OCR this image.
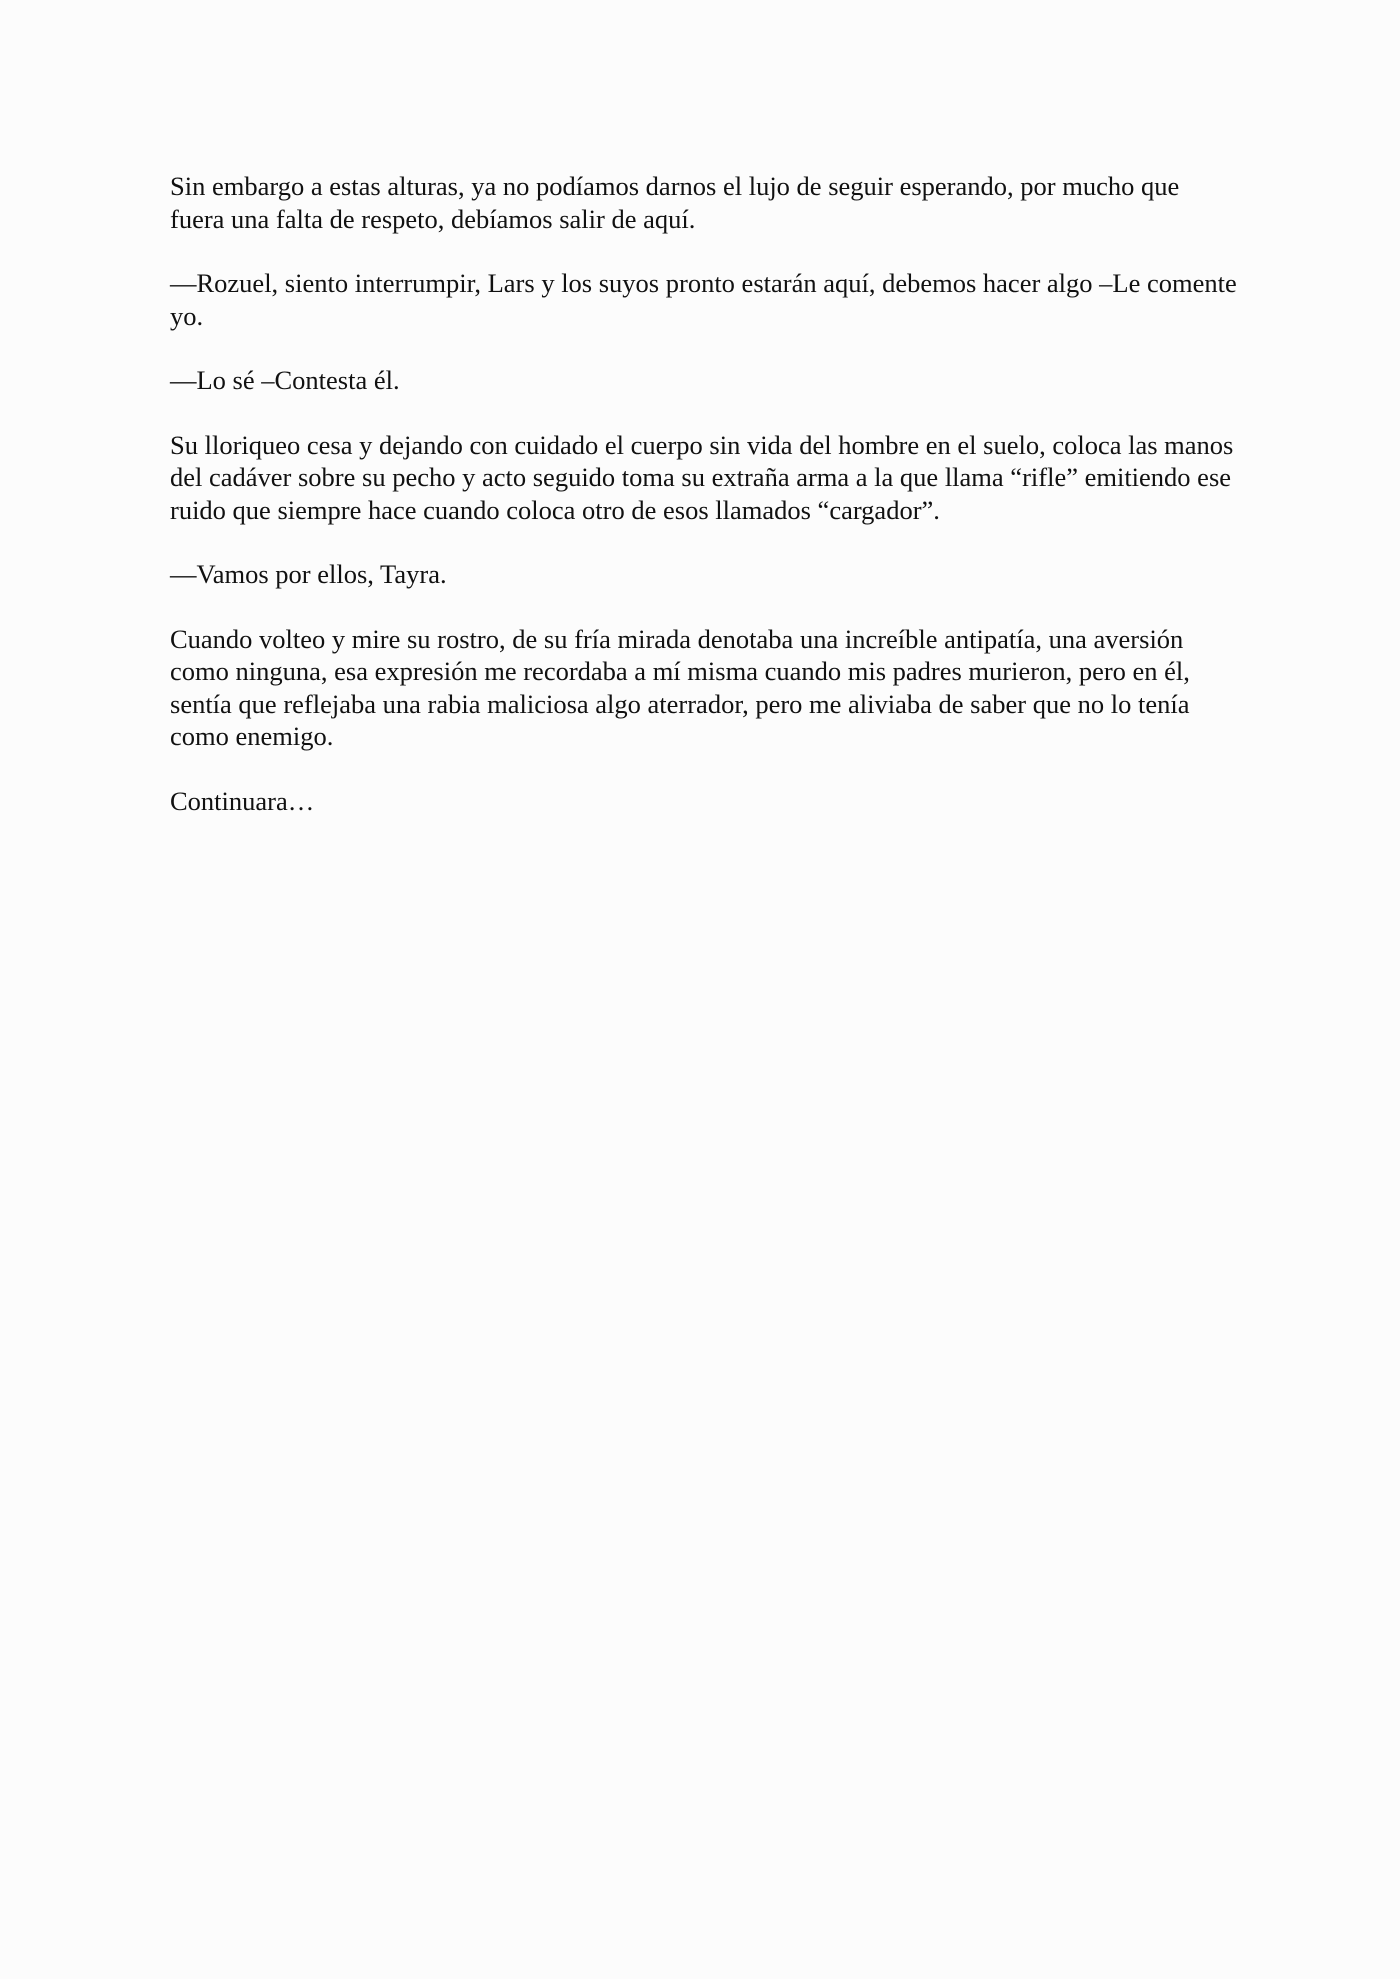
Sin embargo a estas alturas, ya no podíamos darnos el lujo de seguir esperando, por mucho que fuera una falta de respeto, debíamos salir de aquí.

—Rozuel, siento interrumpir, Lars y los suyos pronto estarán aquí, debemos hacer algo –Le comente yo.

—Lo sé –Contesta él.

Su lloriqueo cesa y dejando con cuidado el cuerpo sin vida del hombre en el suelo, coloca las manos del cadáver sobre su pecho y acto seguido toma su extraña arma a la que llama “rifle” emitiendo ese ruido que siempre hace cuando coloca otro de esos llamados “cargador”.

—Vamos por ellos, Tayra.

Cuando volteo y mire su rostro, de su fría mirada denotaba una increíble antipatía, una aversión como ninguna, esa expresión me recordaba a mí misma cuando mis padres murieron, pero en él, sentía que reflejaba una rabia maliciosa algo aterrador, pero me aliviaba de saber que no lo tenía como enemigo.

Continuara…
